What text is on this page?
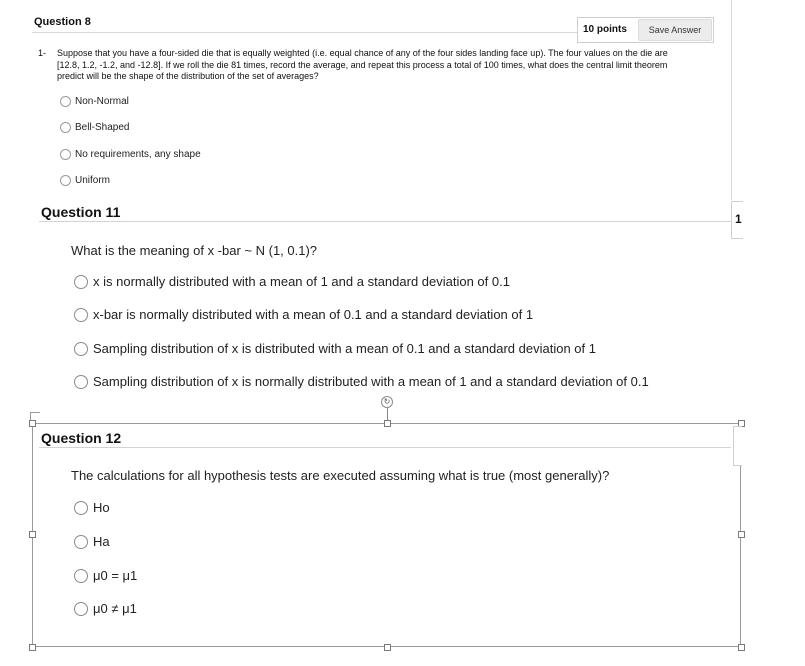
Question 8
10 points	Save Answer
1- Suppose that you have a four-sided die that is equally weighted (i.e. equal chance of any of the four sides landing face up). The four values on the die are [12.8, 1.2, -1.2, and -12.8]. If we roll the die 81 times, record the average, and repeat this process a total of 100 times, what does the central limit theorem predict will be the shape of the distribution of the set of averages?
Non-Normal
Bell-Shaped
No requirements, any shape
Uniform
1
Question 11
What is the meaning of x -bar ~ N (1, 0.1)?
x is normally distributed with a mean of 1 and a standard deviation of 0.1
x-bar is normally distributed with a mean of 0.1 and a standard deviation of 1
Sampling distribution of x is distributed with a mean of 0.1 and a standard deviation of 1
Sampling distribution of x is normally distributed with a mean of 1 and a standard deviation of 0.1
↻
Question 12
The calculations for all hypothesis tests are executed assuming what is true (most generally)?
Ho
Ha
μ0 = μ1
μ0 ≠ μ1
